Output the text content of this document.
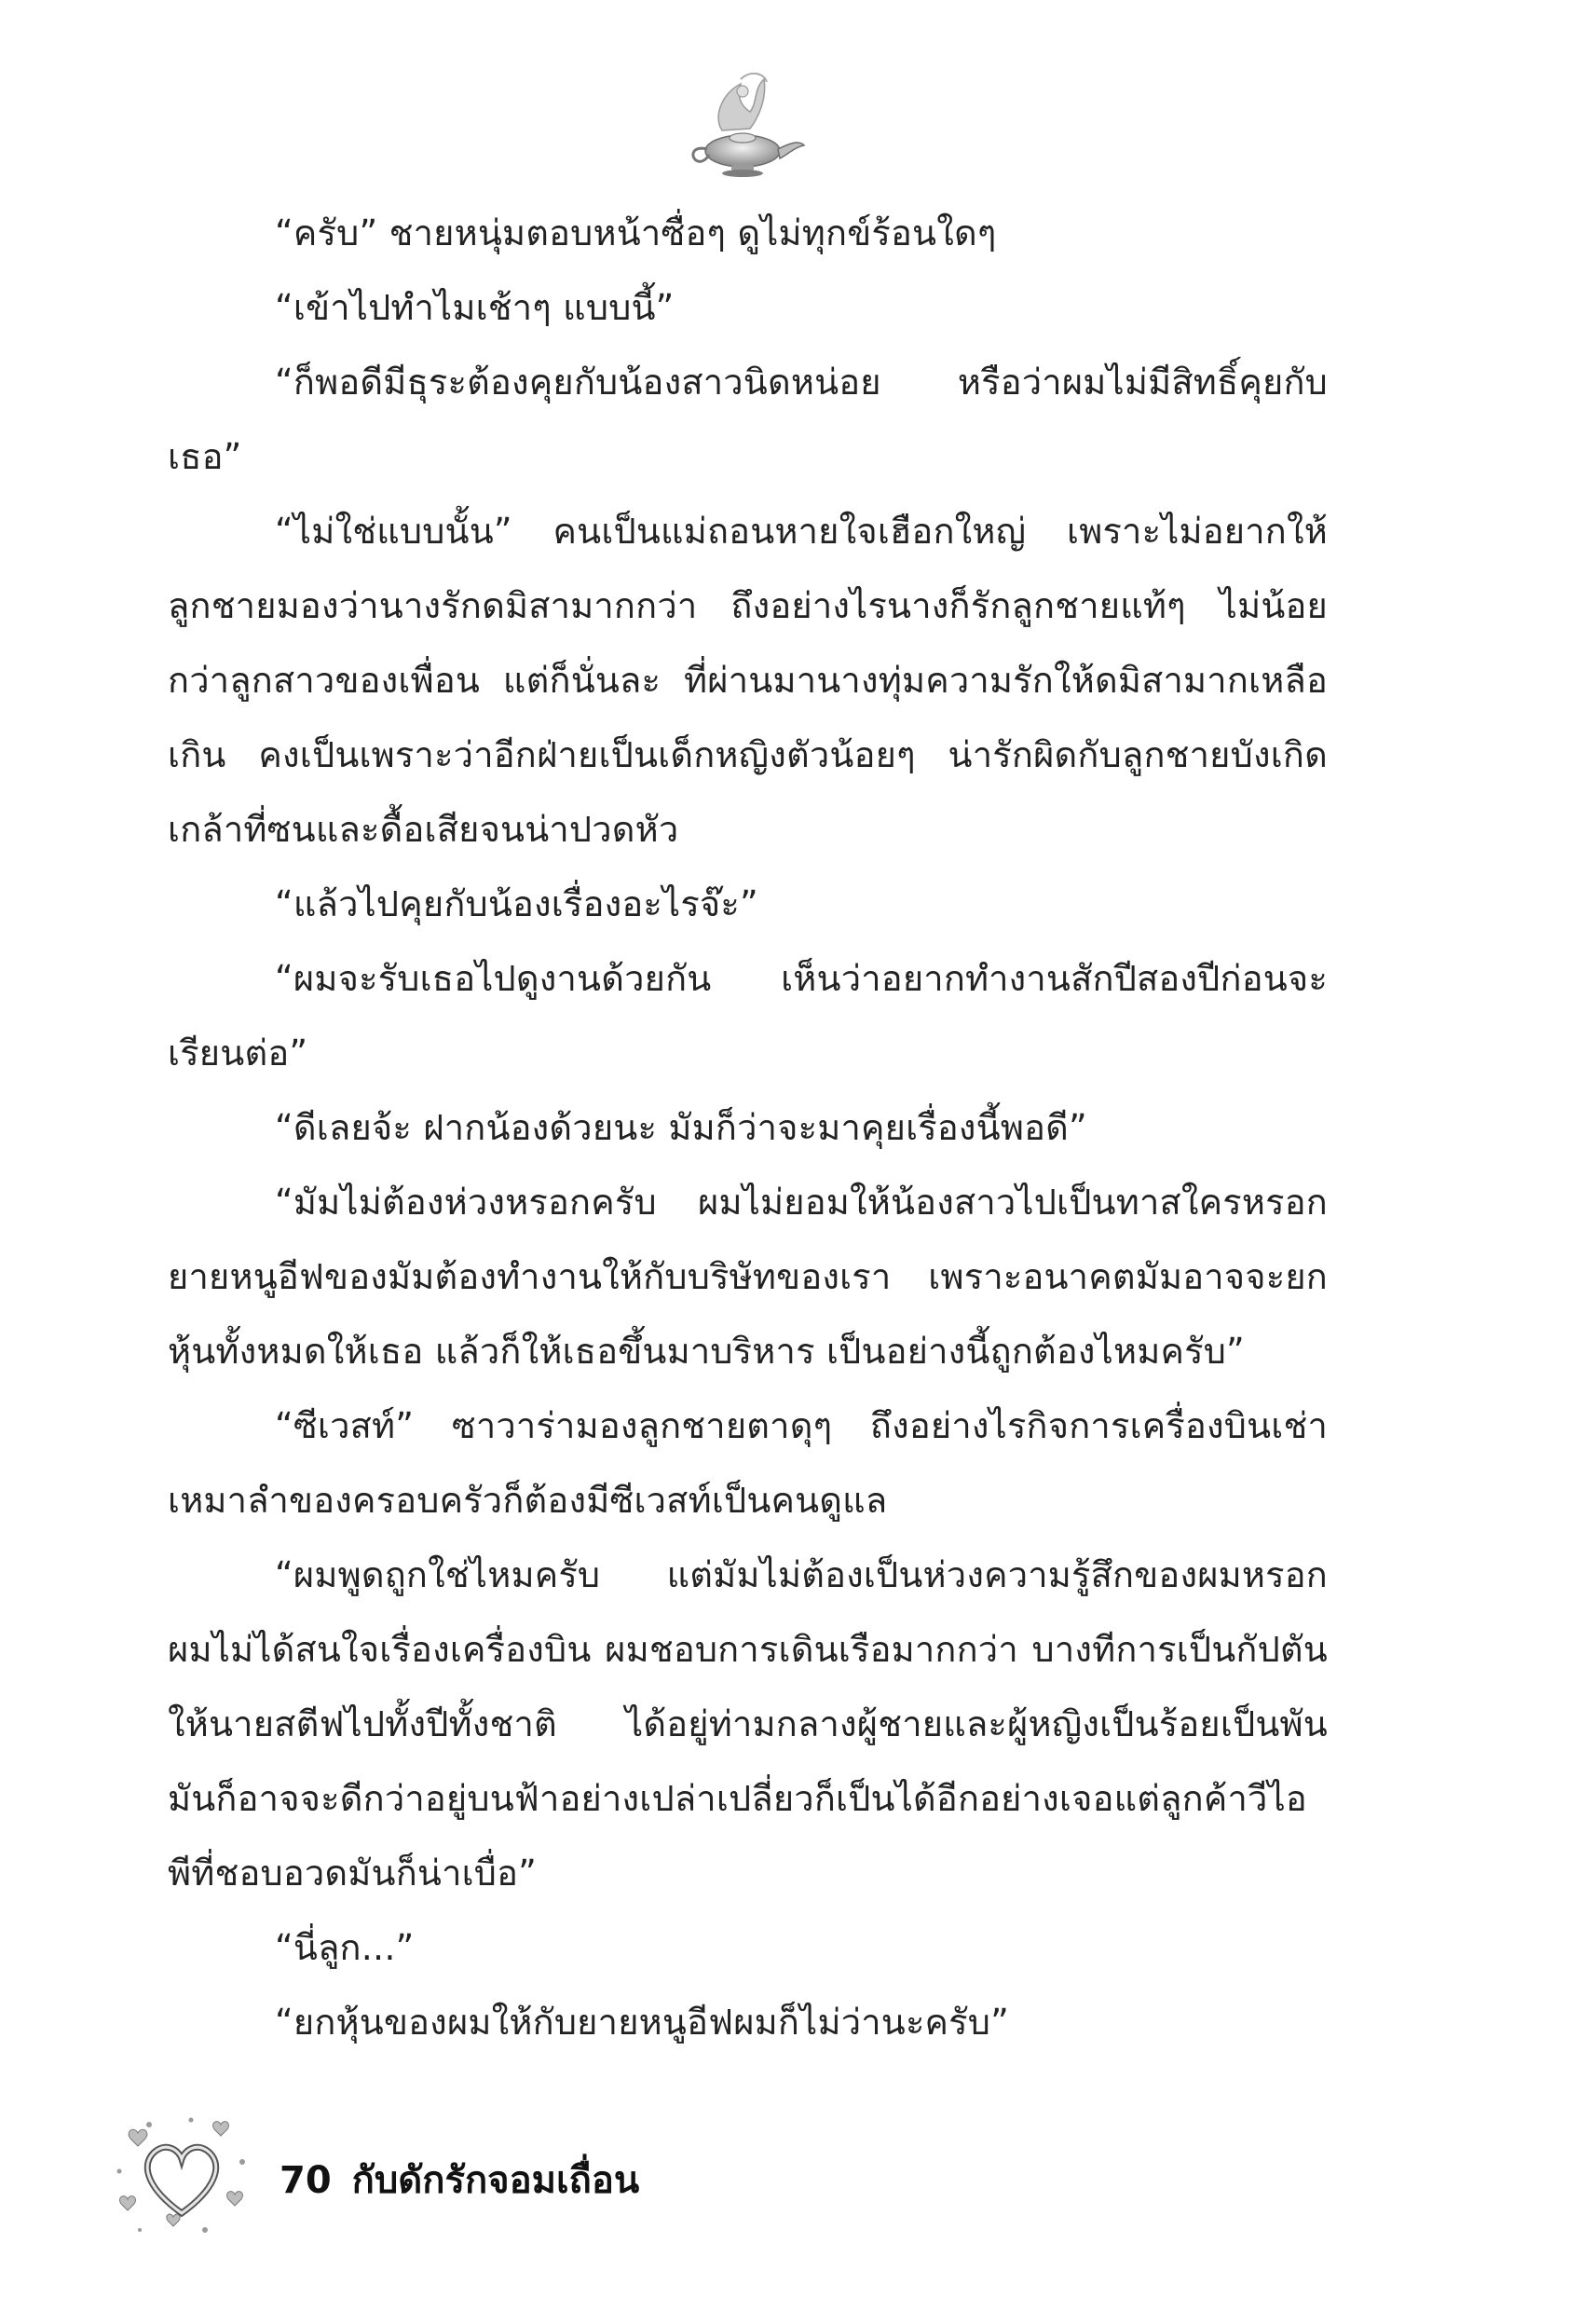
“ครับ” ชายหนุ่มตอบหน้าซื่อๆ ดูไม่ทุกข์ร้อนใดๆ

“เข้าไปทำไมเช้าๆ แบบนี้”

“ก็พอดีมีธุระต้องคุยกับน้องสาวนิดหน่อย หรือว่าผมไม่มีสิทธิ์คุยกับเธอ”

“ไม่ใช่แบบนั้น” คนเป็นแม่ถอนหายใจเฮือกใหญ่ เพราะไม่อยากให้ลูกชายมองว่านางรักดมิสามากกว่า ถึงอย่างไรนางก็รักลูกชายแท้ๆ ไม่น้อยกว่าลูกสาวของเพื่อน แต่ก็นั่นละ ที่ผ่านมานางทุ่มความรักให้ดมิสามากเหลือเกิน คงเป็นเพราะว่าอีกฝ่ายเป็นเด็กหญิงตัวน้อยๆ น่ารักผิดกับลูกชายบังเกิดเกล้าที่ซนและดื้อเสียจนน่าปวดหัว

“แล้วไปคุยกับน้องเรื่องอะไรจ๊ะ”

“ผมจะรับเธอไปดูงานด้วยกัน เห็นว่าอยากทำงานสักปีสองปีก่อนจะเรียนต่อ”

“ดีเลยจ้ะ ฝากน้องด้วยนะ มัมก็ว่าจะมาคุยเรื่องนี้พอดี”

“มัมไม่ต้องห่วงหรอกครับ ผมไม่ยอมให้น้องสาวไปเป็นทาสใครหรอก ยายหนูอีฟของมัมต้องทำงานให้กับบริษัทของเรา เพราะอนาคตมัมอาจจะยกหุ้นทั้งหมดให้เธอ แล้วก็ให้เธอขึ้นมาบริหาร เป็นอย่างนี้ถูกต้องไหมครับ”

“ซีเวสท์” ซาวาร่ามองลูกชายตาดุๆ ถึงอย่างไรกิจการเครื่องบินเช่าเหมาลำของครอบครัวก็ต้องมีซีเวสท์เป็นคนดูแล

“ผมพูดถูกใช่ไหมครับ แต่มัมไม่ต้องเป็นห่วงความรู้สึกของผมหรอก ผมไม่ได้สนใจเรื่องเครื่องบิน ผมชอบการเดินเรือมากกว่า บางทีการเป็นกัปตันให้นายสตีฟไปทั้งปีทั้งชาติ ได้อยู่ท่ามกลางผู้ชายและผู้หญิงเป็นร้อยเป็นพัน มันก็อาจจะดีกว่าอยู่บนฟ้าอย่างเปล่าเปลี่ยวก็เป็นได้อีกอย่างเจอแต่ลูกค้าวีไอพีที่ชอบอวดมันก็น่าเบื่อ”

“นี่ลูก...”

“ยกหุ้นของผมให้กับยายหนูอีฟผมก็ไม่ว่านะครับ”

70 กับดักรักจอมเถื่อน
